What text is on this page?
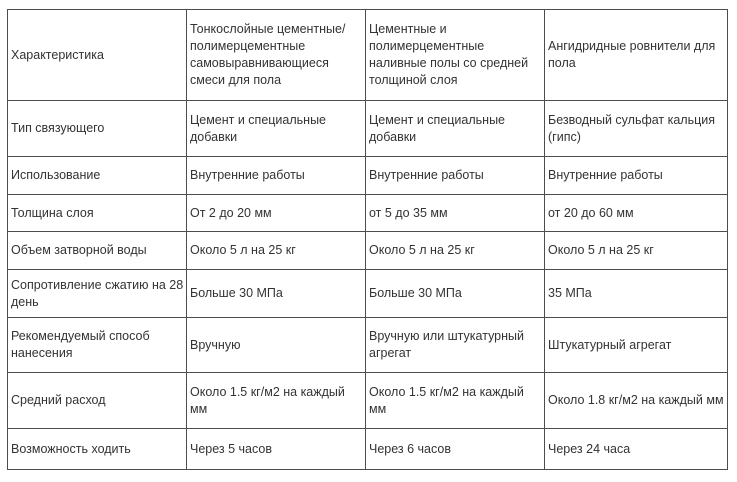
Характеристика	Тонкослойные цементные/ полимерцементные самовыравнивающиеся смеси для пола	Цементные и полимерцементные наливные полы со средней толщиной слоя	Ангидридные ровнители для пола
Тип связующего	Цемент и специальные добавки	Цемент и специальные добавки	Безводный сульфат кальция (гипс)
Использование	Внутренние работы	Внутренние работы	Внутренние работы
Толщина слоя	От 2 до 20 мм	от 5 до 35 мм	от 20 до 60 мм
Объем затворной воды	Около 5 л на 25 кг	Около 5 л на 25 кг	Около 5 л на 25 кг
Сопротивление сжатию на 28 день	Больше 30 МПа	Больше 30 МПа	35 МПа
Рекомендуемый способ нанесения	Вручную	Вручную или штукатурный агрегат	Штукатурный агрегат
Средний расход	Около 1.5 кг/м2 на каждый мм	Около 1.5 кг/м2 на каждый мм	Около 1.8 кг/м2 на каждый мм
Возможность ходить	Через 5 часов	Через 6 часов	Через 24 часа
